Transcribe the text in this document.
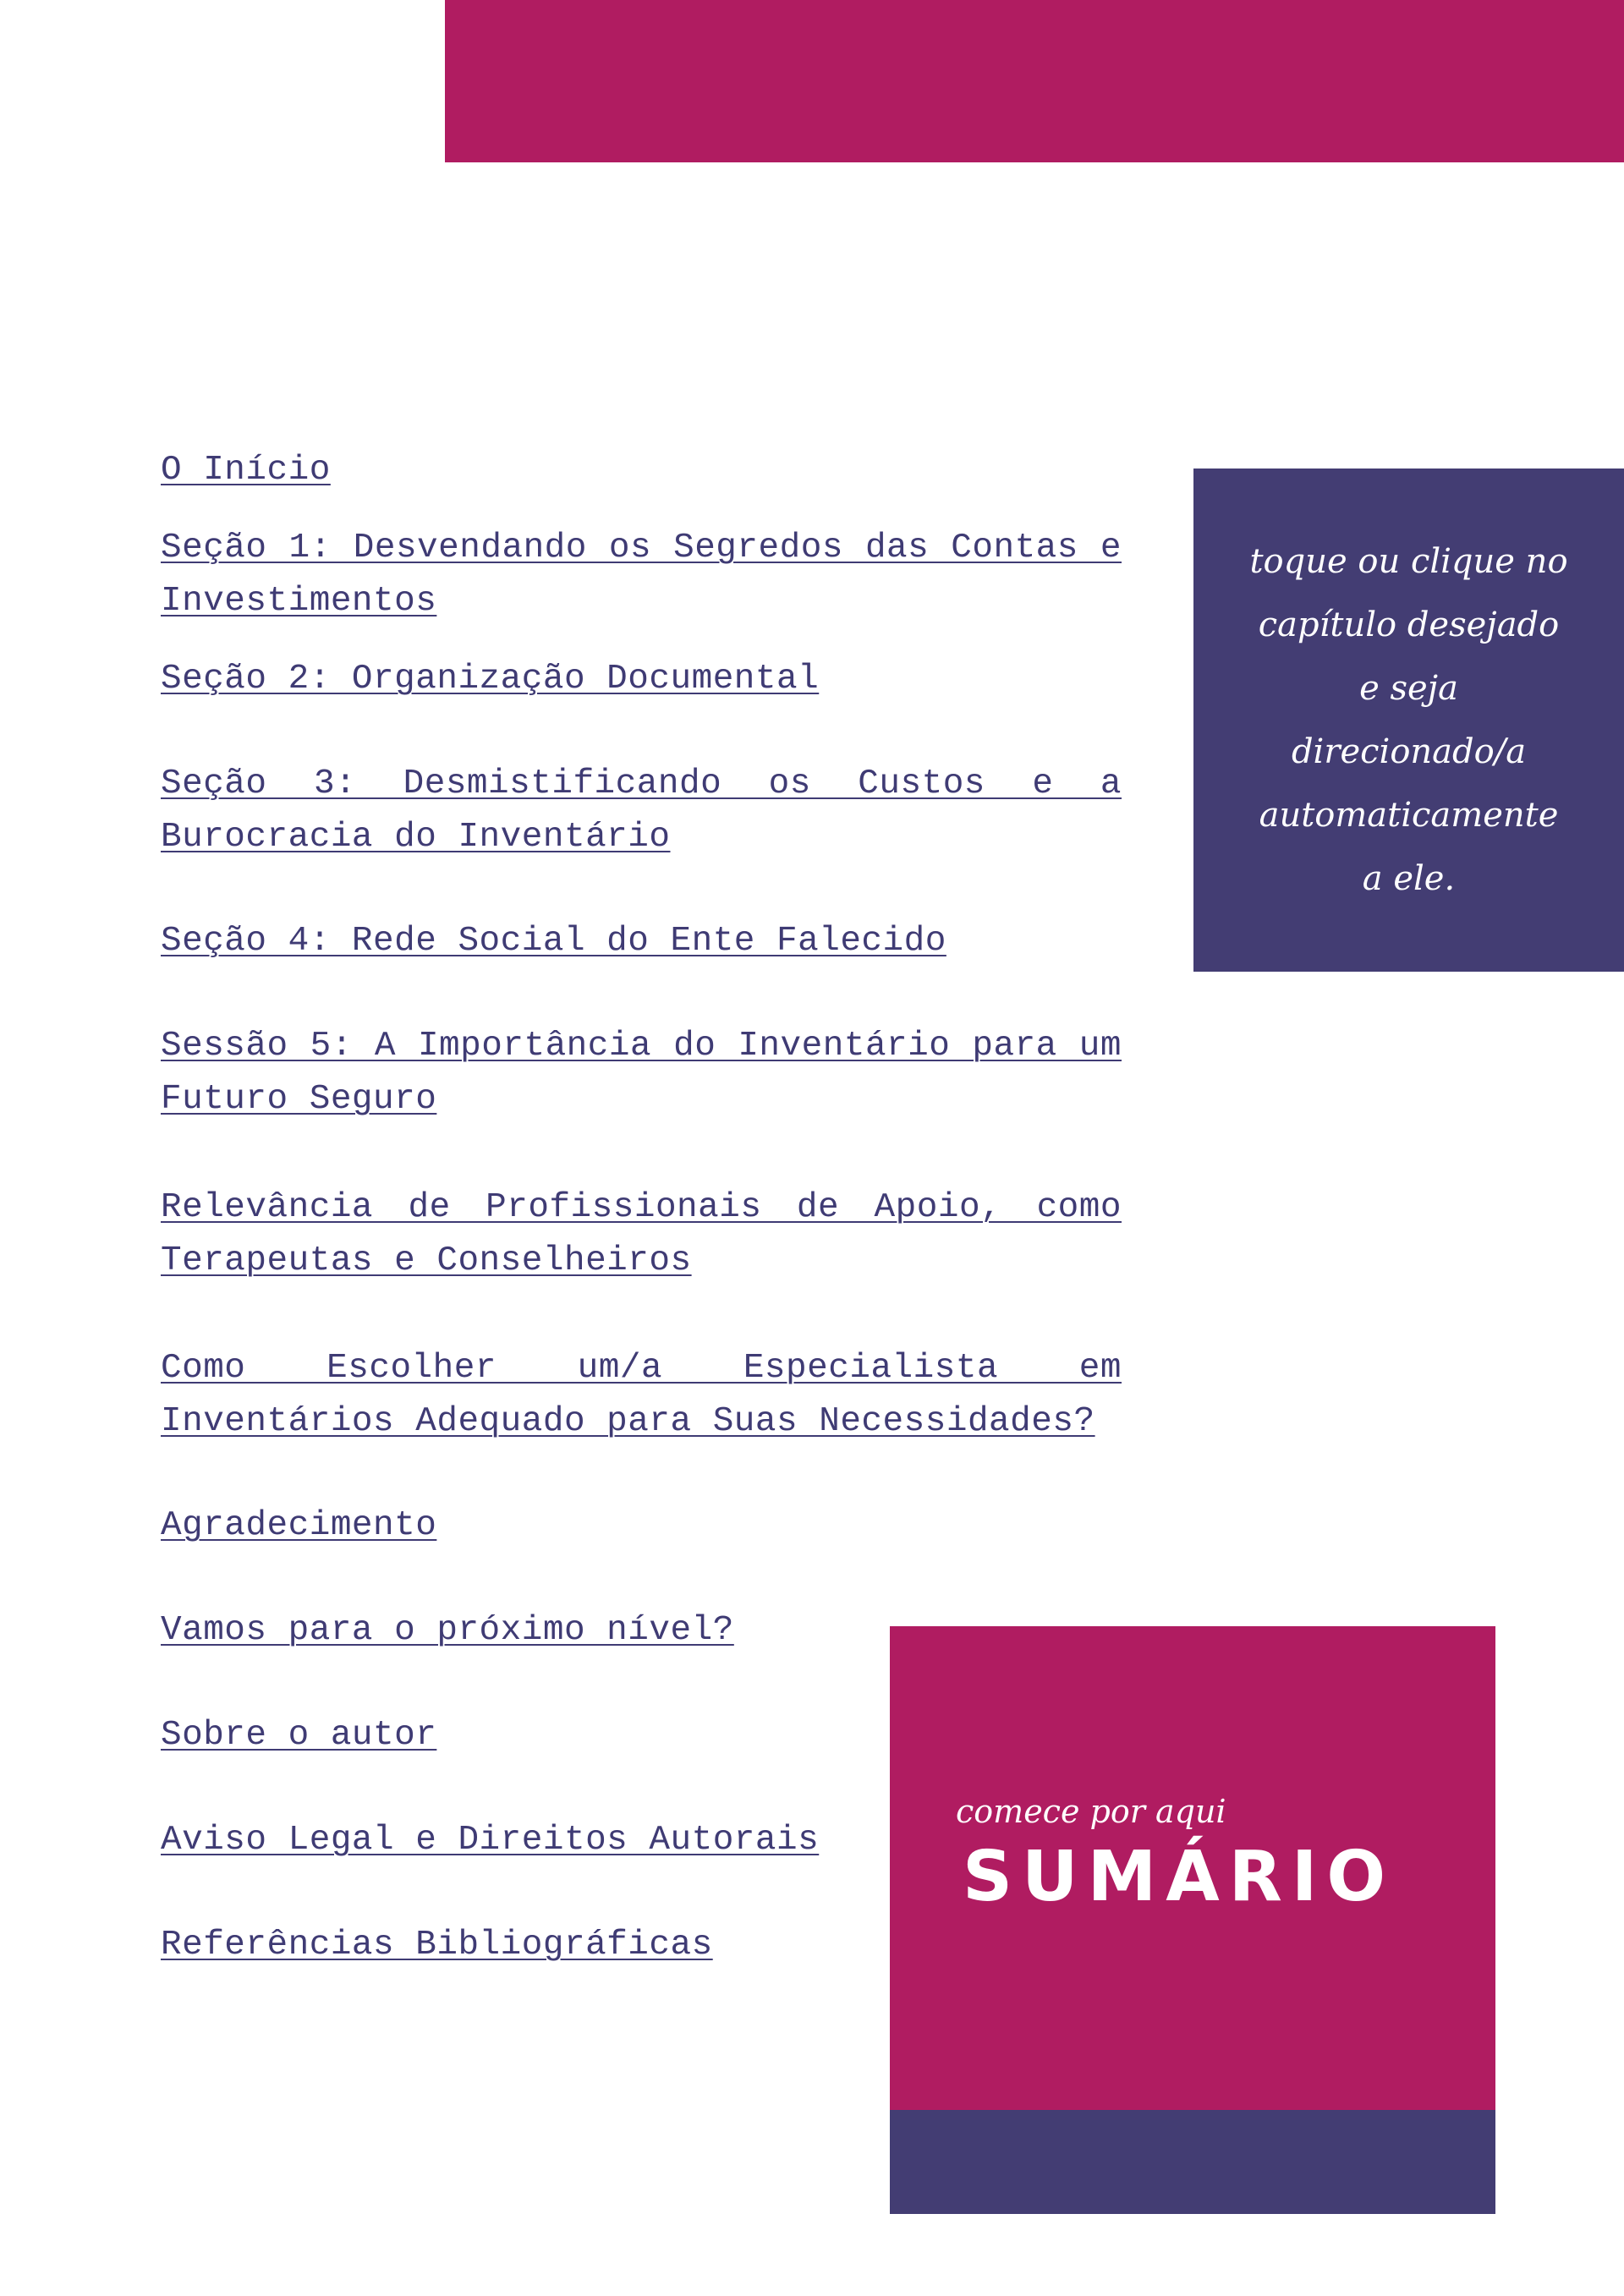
O Início
Seção 1: Desvendando os Segredos das Contas e Investimentos
Seção 2: Organização Documental
Seção 3: Desmistificando os Custos e a Burocracia do Inventário
Seção 4: Rede Social do Ente Falecido
Sessão 5: A Importância do Inventário para um Futuro Seguro
Relevância de Profissionais de Apoio, como Terapeutas e Conselheiros
Como Escolher um/a Especialista em Inventários Adequado para Suas Necessidades?
Agradecimento
Vamos para o próximo nível?
Sobre o autor
Aviso Legal e Direitos Autorais
Referências Bibliográficas
toque ou clique no capítulo desejado e seja direcionado/a automaticamente a ele.
comece por aqui
SUMÁRIO
